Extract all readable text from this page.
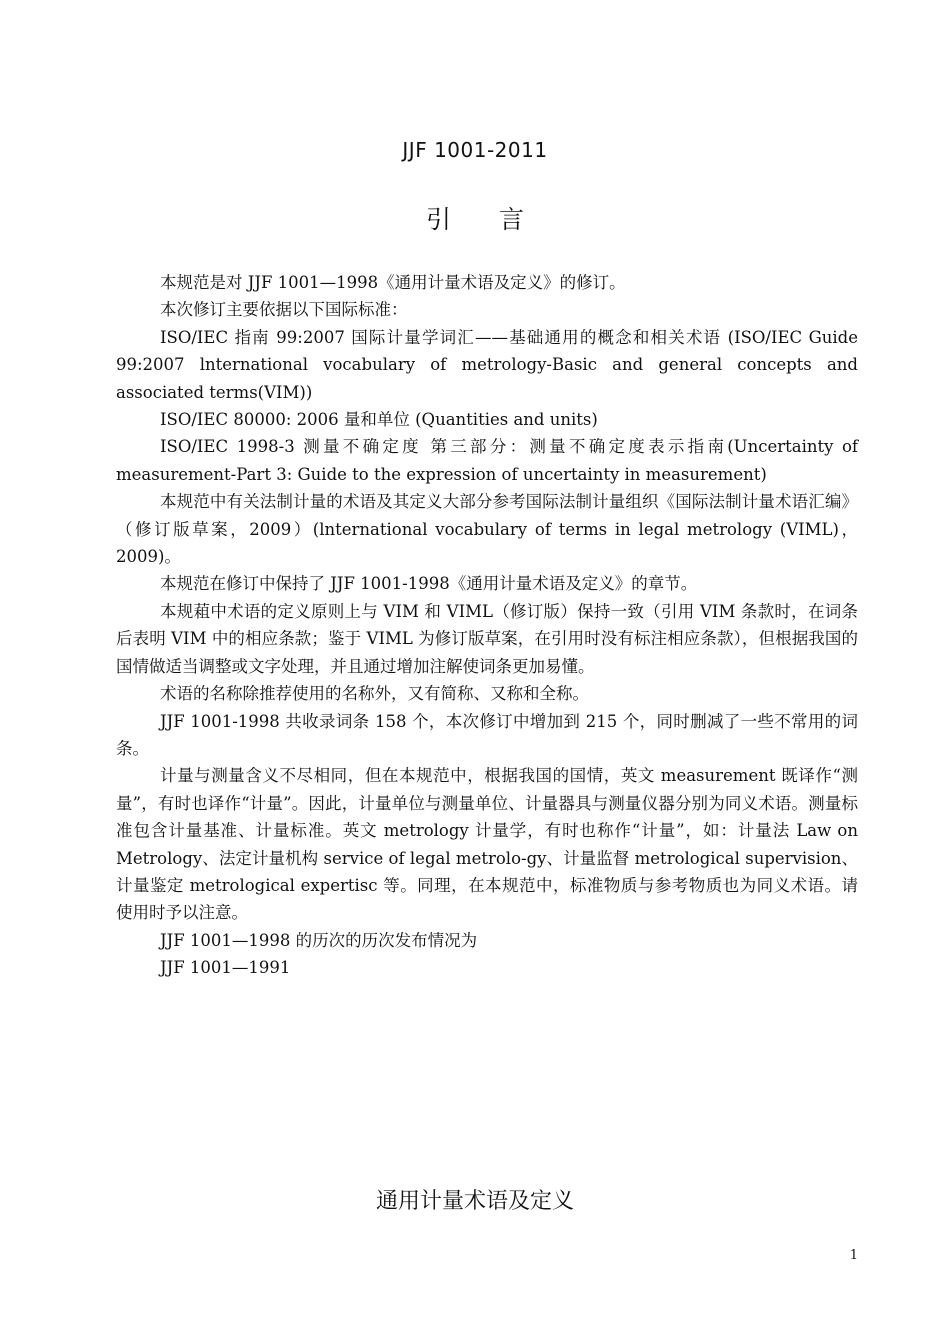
JJF 1001-2011
引言

本规范是对 JJF 1001—1998《通用计量术语及定义》的修订。

本次修订主要依据以下国际标准：

ISO/IEC 指南 99:2007 国际计量学词汇——基础通用的概念和相关术语 (ISO/IEC Guide 99:2007 lnternational vocabulary of metrology-Basic and general concepts and associated terms(VIM))

ISO/IEC 80000: 2006 量和单位 (Quantities and units)

ISO/IEC 1998-3 测量不确定度 第三部分：测量不确定度表示指南(Uncertainty of measurement-Part 3: Guide to the expression of uncertainty in measurement)

本规范中有关法制计量的术语及其定义大部分参考国际法制计量组织《国际法制计量术语汇编》（修订版草案，2009）(lnternational vocabulary of terms in legal metrology (VIML)，2009)。

本规范在修订中保持了 JJF 1001-1998《通用计量术语及定义》的章节。

本规蒩中术语的定义原则上与 VIM 和 VIML（修订版）保持一致（引用 VIM 条款时，在词条后表明 VIM 中的相应条款；鉴于 VIML 为修订版草案，在引用时没有标注相应条款），但根据我国的国情做适当调整或文字处理，并且通过增加注解使词条更加易懂。

术语的名称除推荐使用的名称外，又有简称、又称和全称。

JJF 1001-1998 共收录词条 158 个，本次修订中增加到 215 个，同时删减了一些不常用的词条。

计量与测量含义不尽相同，但在本规范中，根据我国的国情，英文 measurement 既译作“测量”，有时也译作“计量”。因此，计量单位与测量单位、计量器具与测量仪器分别为同义术语。测量标准包含计量基准、计量标准。英文 metrology 计量学，有时也称作“计量”，如：计量法 Law on Metrology、法定计量机构 service of legal metrolo-gy、计量监督 metrological supervision、计量鉴定 metrological expertisc 等。同理，在本规范中，标准物质与参考物质也为同义术语。请使用时予以注意。

JJF 1001—1998 的历次的历次发布情况为

JJF 1001—1991

通用计量术语及定义
1
